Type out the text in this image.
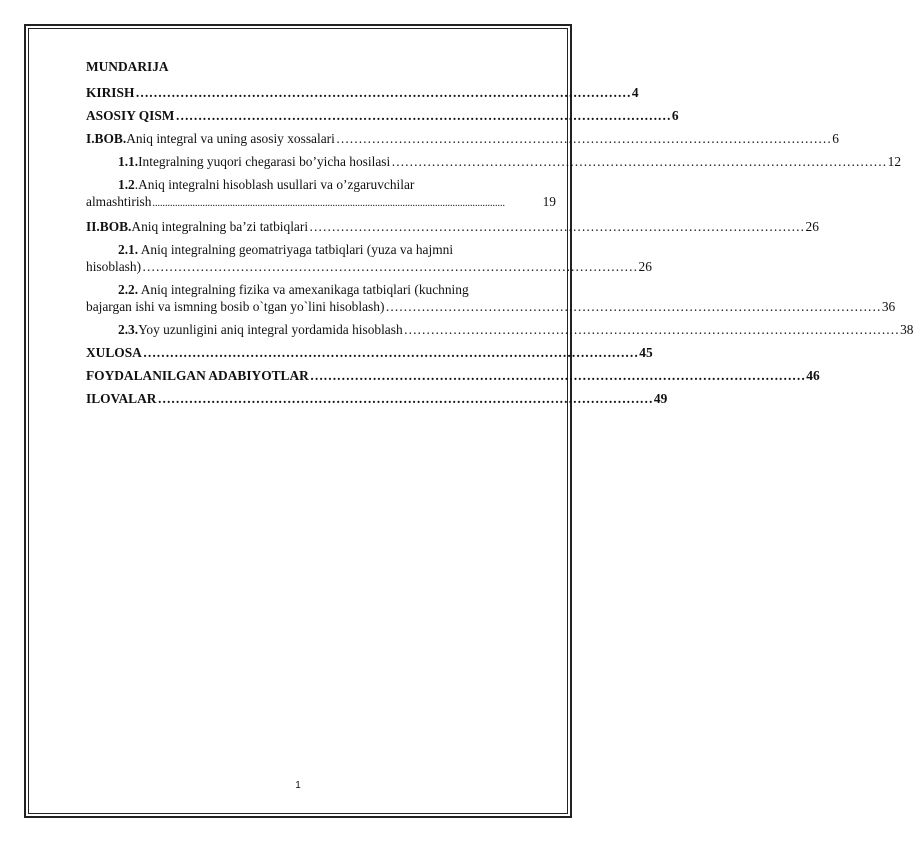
MUNDARIJA
KIRISH ………………………………………………………………………………………………… 4
ASOSIY QISM ………………………………………………………………………………………………… 6
I.BOB.Aniq integral va uning asosiy xossalari ………………………………………………………………………………………………… 6
1.1.Integralning yuqori chegarasi bo’yicha hosilasi ………………………………………………………………………………………………… 12
1.2.Aniq integralni hisoblash usullari va o’zgaruvchilar
almashtirish .............................................................................................................................................	19
II.BOB.Aniq integralning ba’zi tatbiqlari ………………………………………………………………………………………………… 26
2.1. Aniq integralning geomatriyaga tatbiqlari (yuza va hajmni
hisoblash) ………………………………………………………………………………………………… 26
2.2. Aniq integralning fizika va amexanikaga tatbiqlari (kuchning
bajargan ishi va ismning bosib o`tgan yo`lini hisoblash) ………………………………………………………………………………………………… 36
2.3.Yoy uzunligini aniq integral yordamida hisoblash ………………………………………………………………………………………………… 38
XULOSA ………………………………………………………………………………………………… 45
FOYDALANILGAN ADABIYOTLAR ………………………………………………………………………………………………… 46
ILOVALAR ………………………………………………………………………………………………… 49
1
